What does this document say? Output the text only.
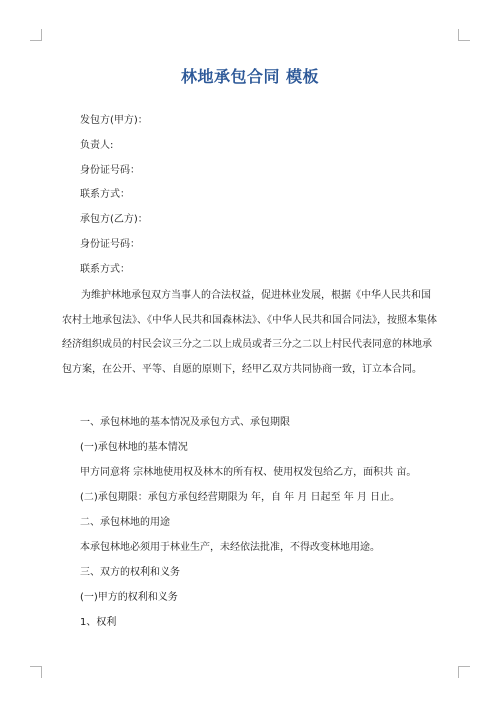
林地承包合同 模板
发包方(甲方)：
负责人:
身份证号码：
联系方式：
承包方(乙方)：
身份证号码：
联系方式：
为维护林地承包双方当事人的合法权益，促进林业发展，根据《中华人民共和国农村土地承包法》、《中华人民共和国森林法》、《中华人民共和国合同法》，按照本集体经济组织成员的村民会议三分之二以上成员或者三分之二以上村民代表同意的林地承包方案，在公开、平等、自愿的原则下，经甲乙双方共同协商一致，订立本合同。
一、承包林地的基本情况及承包方式、承包期限
(一)承包林地的基本情况
甲方同意将 宗林地使用权及林木的所有权、使用权发包给乙方，面积共 亩。
(二)承包期限：承包方承包经营期限为 年，自 年 月 日起至 年 月 日止。
二、承包林地的用途
本承包林地必须用于林业生产，未经依法批准，不得改变林地用途。
三、双方的权利和义务
(一)甲方的权利和义务
1、权利
